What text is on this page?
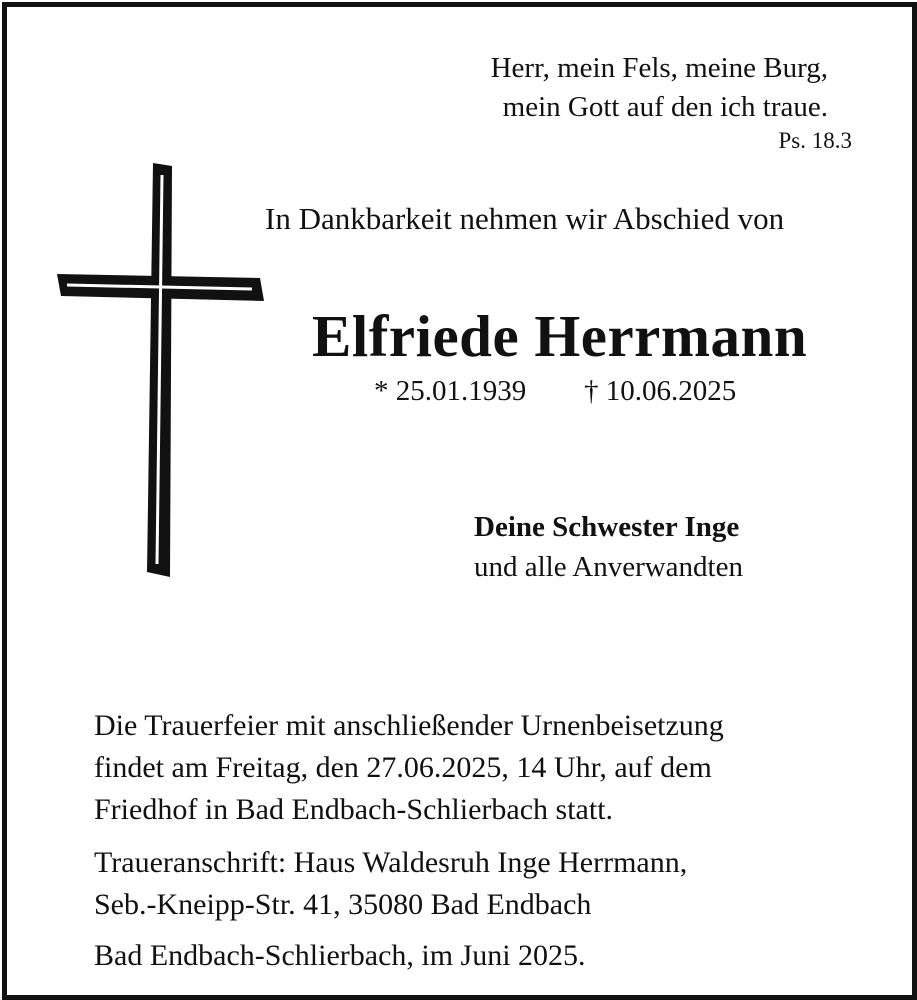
Herr, mein Fels, meine Burg,
mein Gott auf den ich traue.
Ps. 18.3
In Dankbarkeit nehmen wir Abschied von
Elfriede Herrmann
* 25.01.1939 † 10.06.2025
Deine Schwester Inge
und alle Anverwandten
Die Trauerfeier mit anschließender Urnenbeisetzung
findet am Freitag, den 27.06.2025, 14 Uhr, auf dem
Friedhof in Bad Endbach-Schlierbach statt.
Traueranschrift: Haus Waldesruh Inge Herrmann,
Seb.-Kneipp-Str. 41, 35080 Bad Endbach
Bad Endbach-Schlierbach, im Juni 2025.
